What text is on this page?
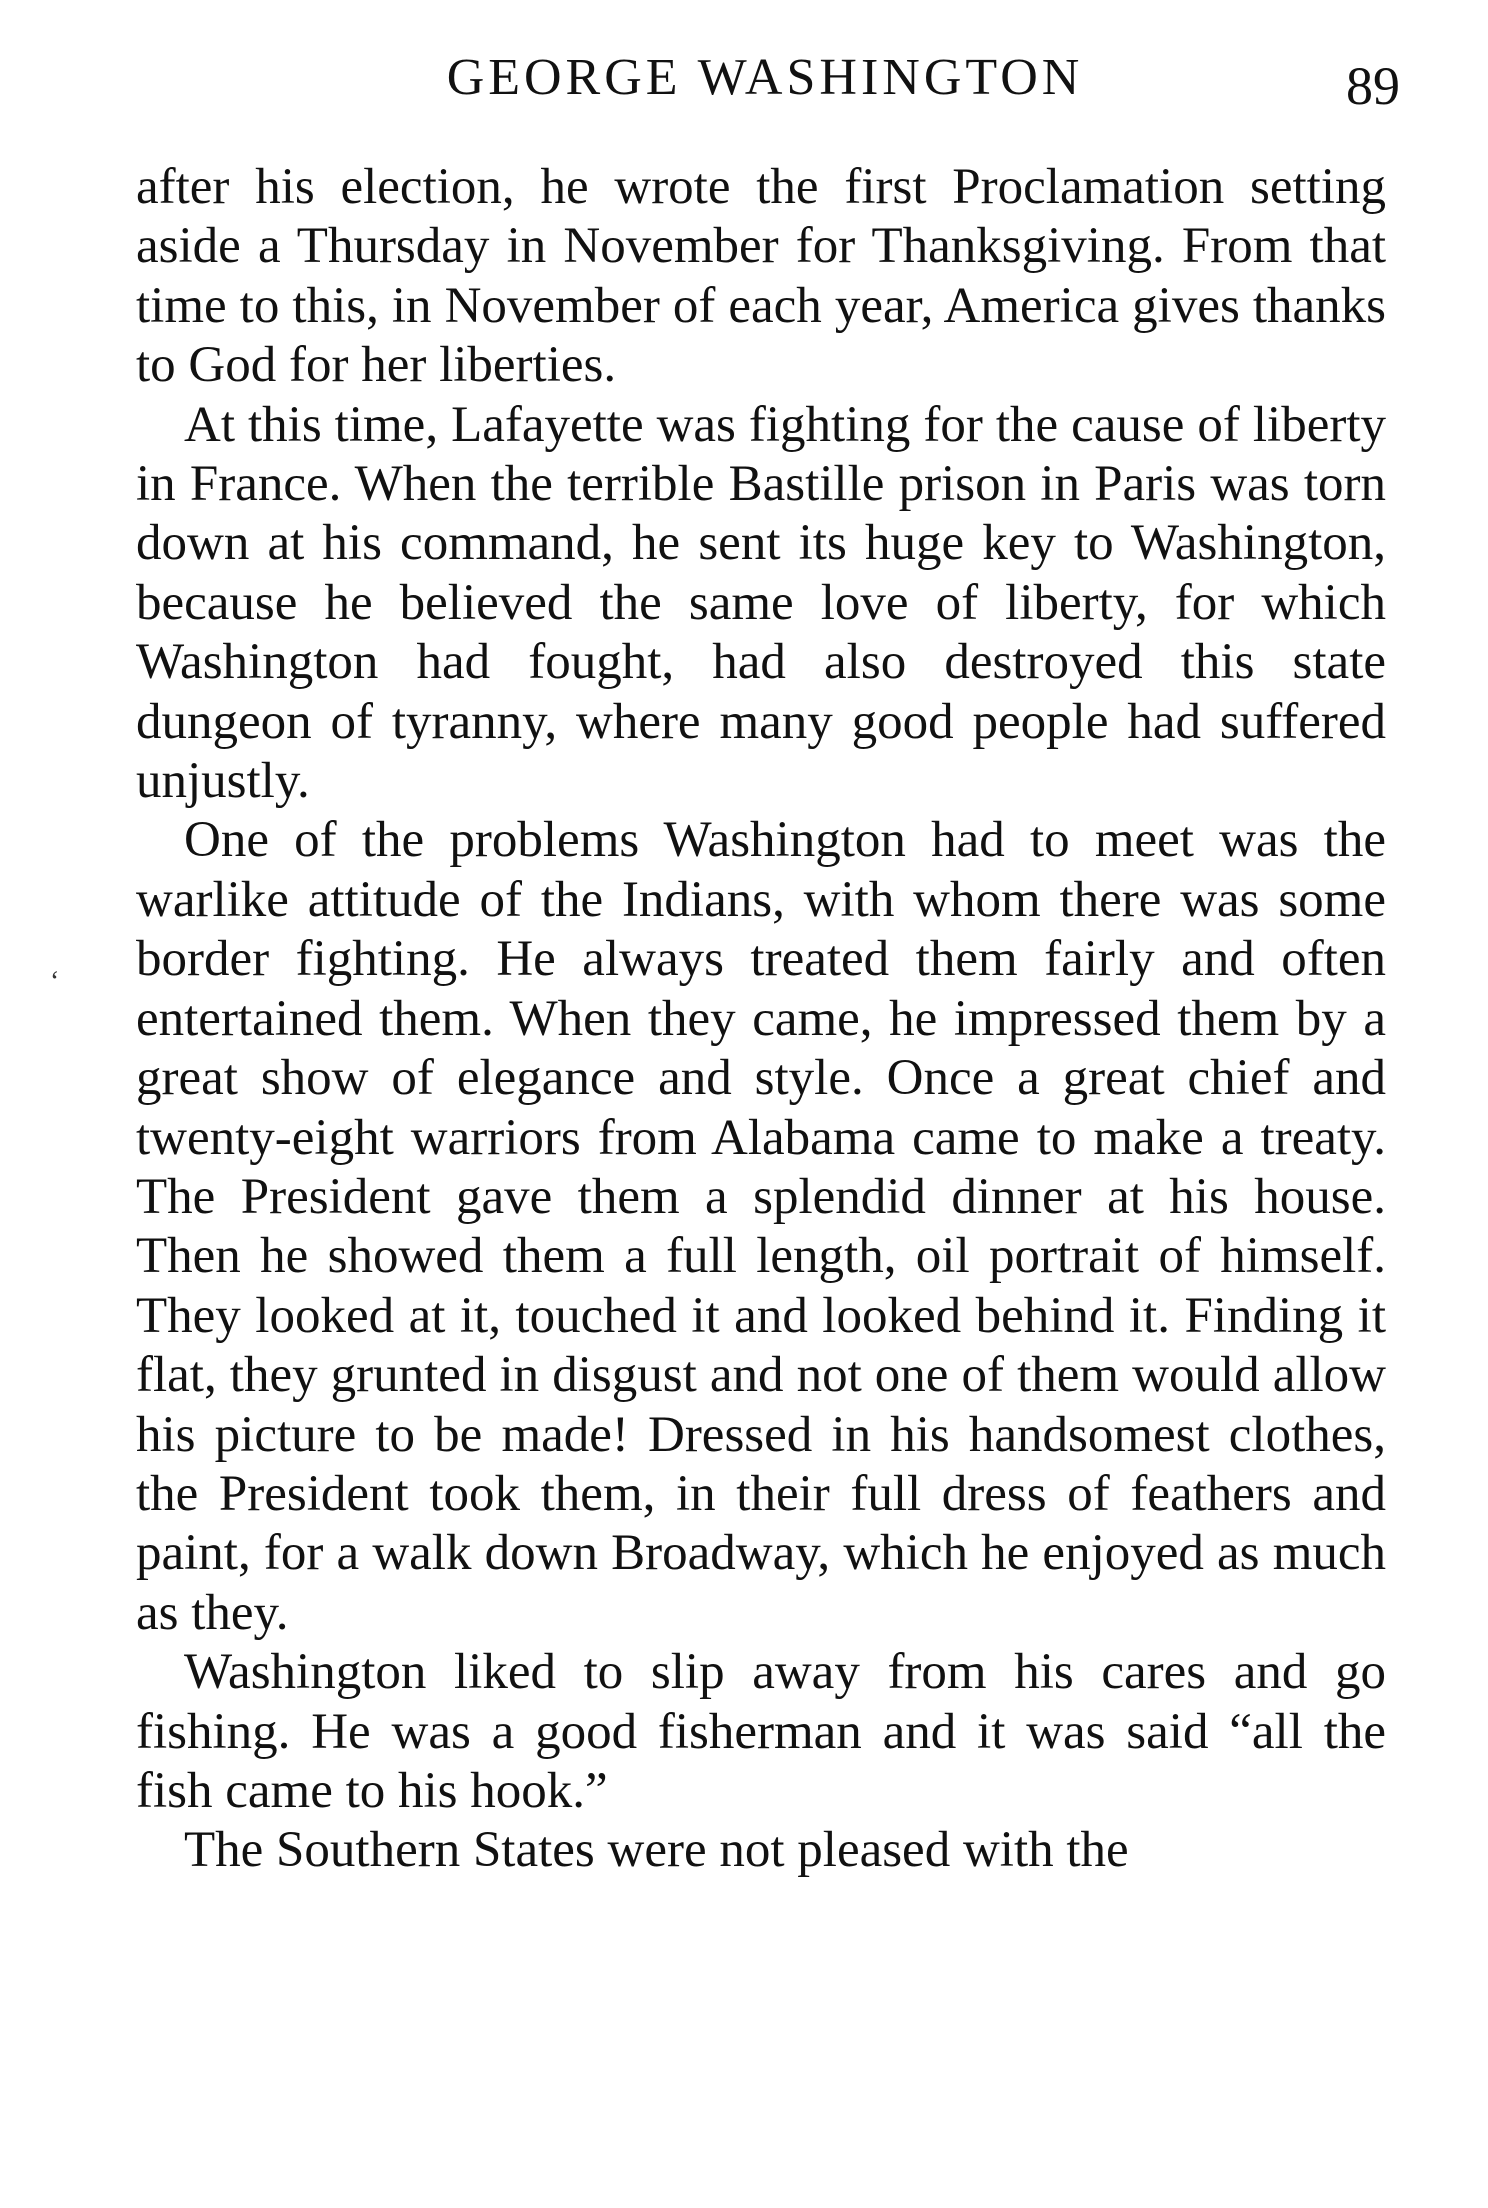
GEORGE WASHINGTON	89
ʻ

after his election, he wrote the first Proclamation setting aside a Thursday in November for Thanksgiving. From that time to this, in November of each year, America gives thanks to God for her liberties.

At this time, Lafayette was fighting for the cause of liberty in France. When the terrible Bastille prison in Paris was torn down at his command, he sent its huge key to Washington, because he believed the same love of liberty, for which Washington had fought, had also destroyed this state dungeon of tyranny, where many good people had suffered unjustly.

One of the problems Washington had to meet was the warlike attitude of the Indians, with whom there was some border fighting. He always treated them fairly and often entertained them. When they came, he impressed them by a great show of elegance and style. Once a great chief and twenty-eight warriors from Alabama came to make a treaty. The President gave them a splendid dinner at his house. Then he showed them a full length, oil portrait of himself. They looked at it, touched it and looked behind it. Finding it flat, they grunted in disgust and not one of them would allow his picture to be made! Dressed in his handsomest clothes, the President took them, in their full dress of feathers and paint, for a walk down Broadway, which he enjoyed as much as they.

Washington liked to slip away from his cares and go fishing. He was a good fisherman and it was said “all the fish came to his hook.”

The Southern States were not pleased with the
